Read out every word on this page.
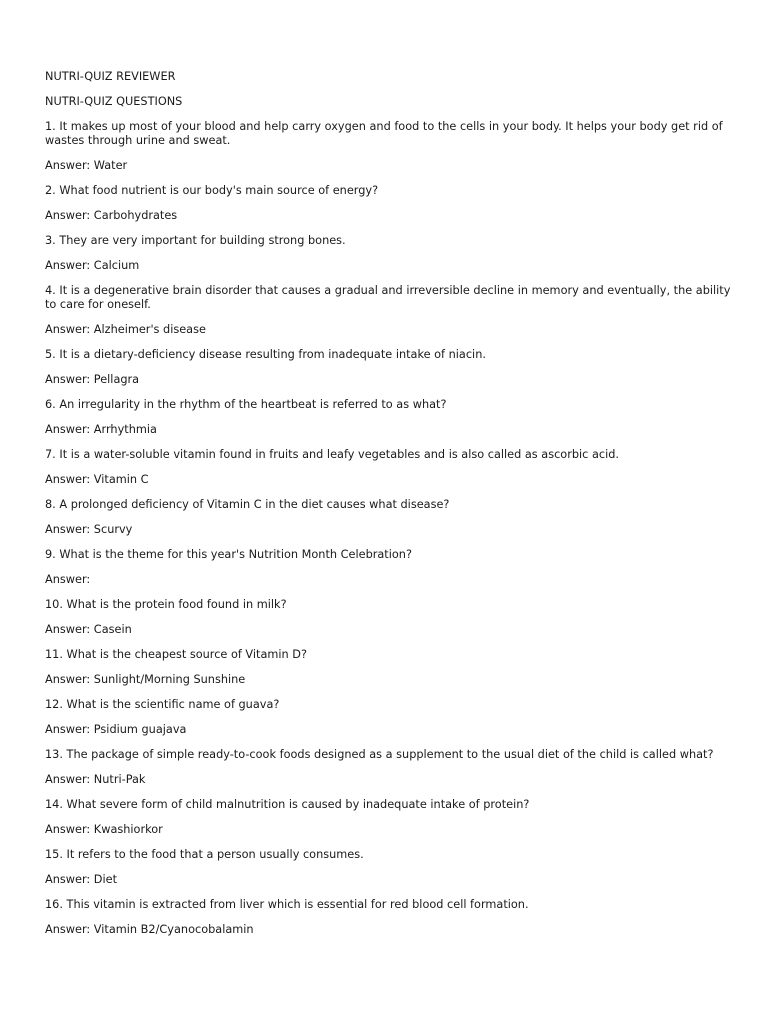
NUTRI-QUIZ REVIEWER

NUTRI-QUIZ QUESTIONS

1. It makes up most of your blood and help carry oxygen and food to the cells in your body. It helps your body get rid of wastes through urine and sweat.

Answer: Water

2. What food nutrient is our body's main source of energy?

Answer: Carbohydrates

3. They are very important for building strong bones.

Answer: Calcium

4. It is a degenerative brain disorder that causes a gradual and irreversible decline in memory and eventually, the ability to care for oneself.

Answer: Alzheimer's disease

5. It is a dietary-deficiency disease resulting from inadequate intake of niacin.

Answer: Pellagra

6. An irregularity in the rhythm of the heartbeat is referred to as what?

Answer: Arrhythmia

7. It is a water-soluble vitamin found in fruits and leafy vegetables and is also called as ascorbic acid.

Answer: Vitamin C

8. A prolonged deficiency of Vitamin C in the diet causes what disease?

Answer: Scurvy

9. What is the theme for this year's Nutrition Month Celebration?

Answer:

10. What is the protein food found in milk?

Answer: Casein

11. What is the cheapest source of Vitamin D?

Answer: Sunlight/Morning Sunshine

12. What is the scientific name of guava?

Answer: Psidium guajava

13. The package of simple ready-to-cook foods designed as a supplement to the usual diet of the child is called what?

Answer: Nutri-Pak

14. What severe form of child malnutrition is caused by inadequate intake of protein?

Answer: Kwashiorkor

15. It refers to the food that a person usually consumes.

Answer: Diet

16. This vitamin is extracted from liver which is essential for red blood cell formation.

Answer: Vitamin B2/Cyanocobalamin
